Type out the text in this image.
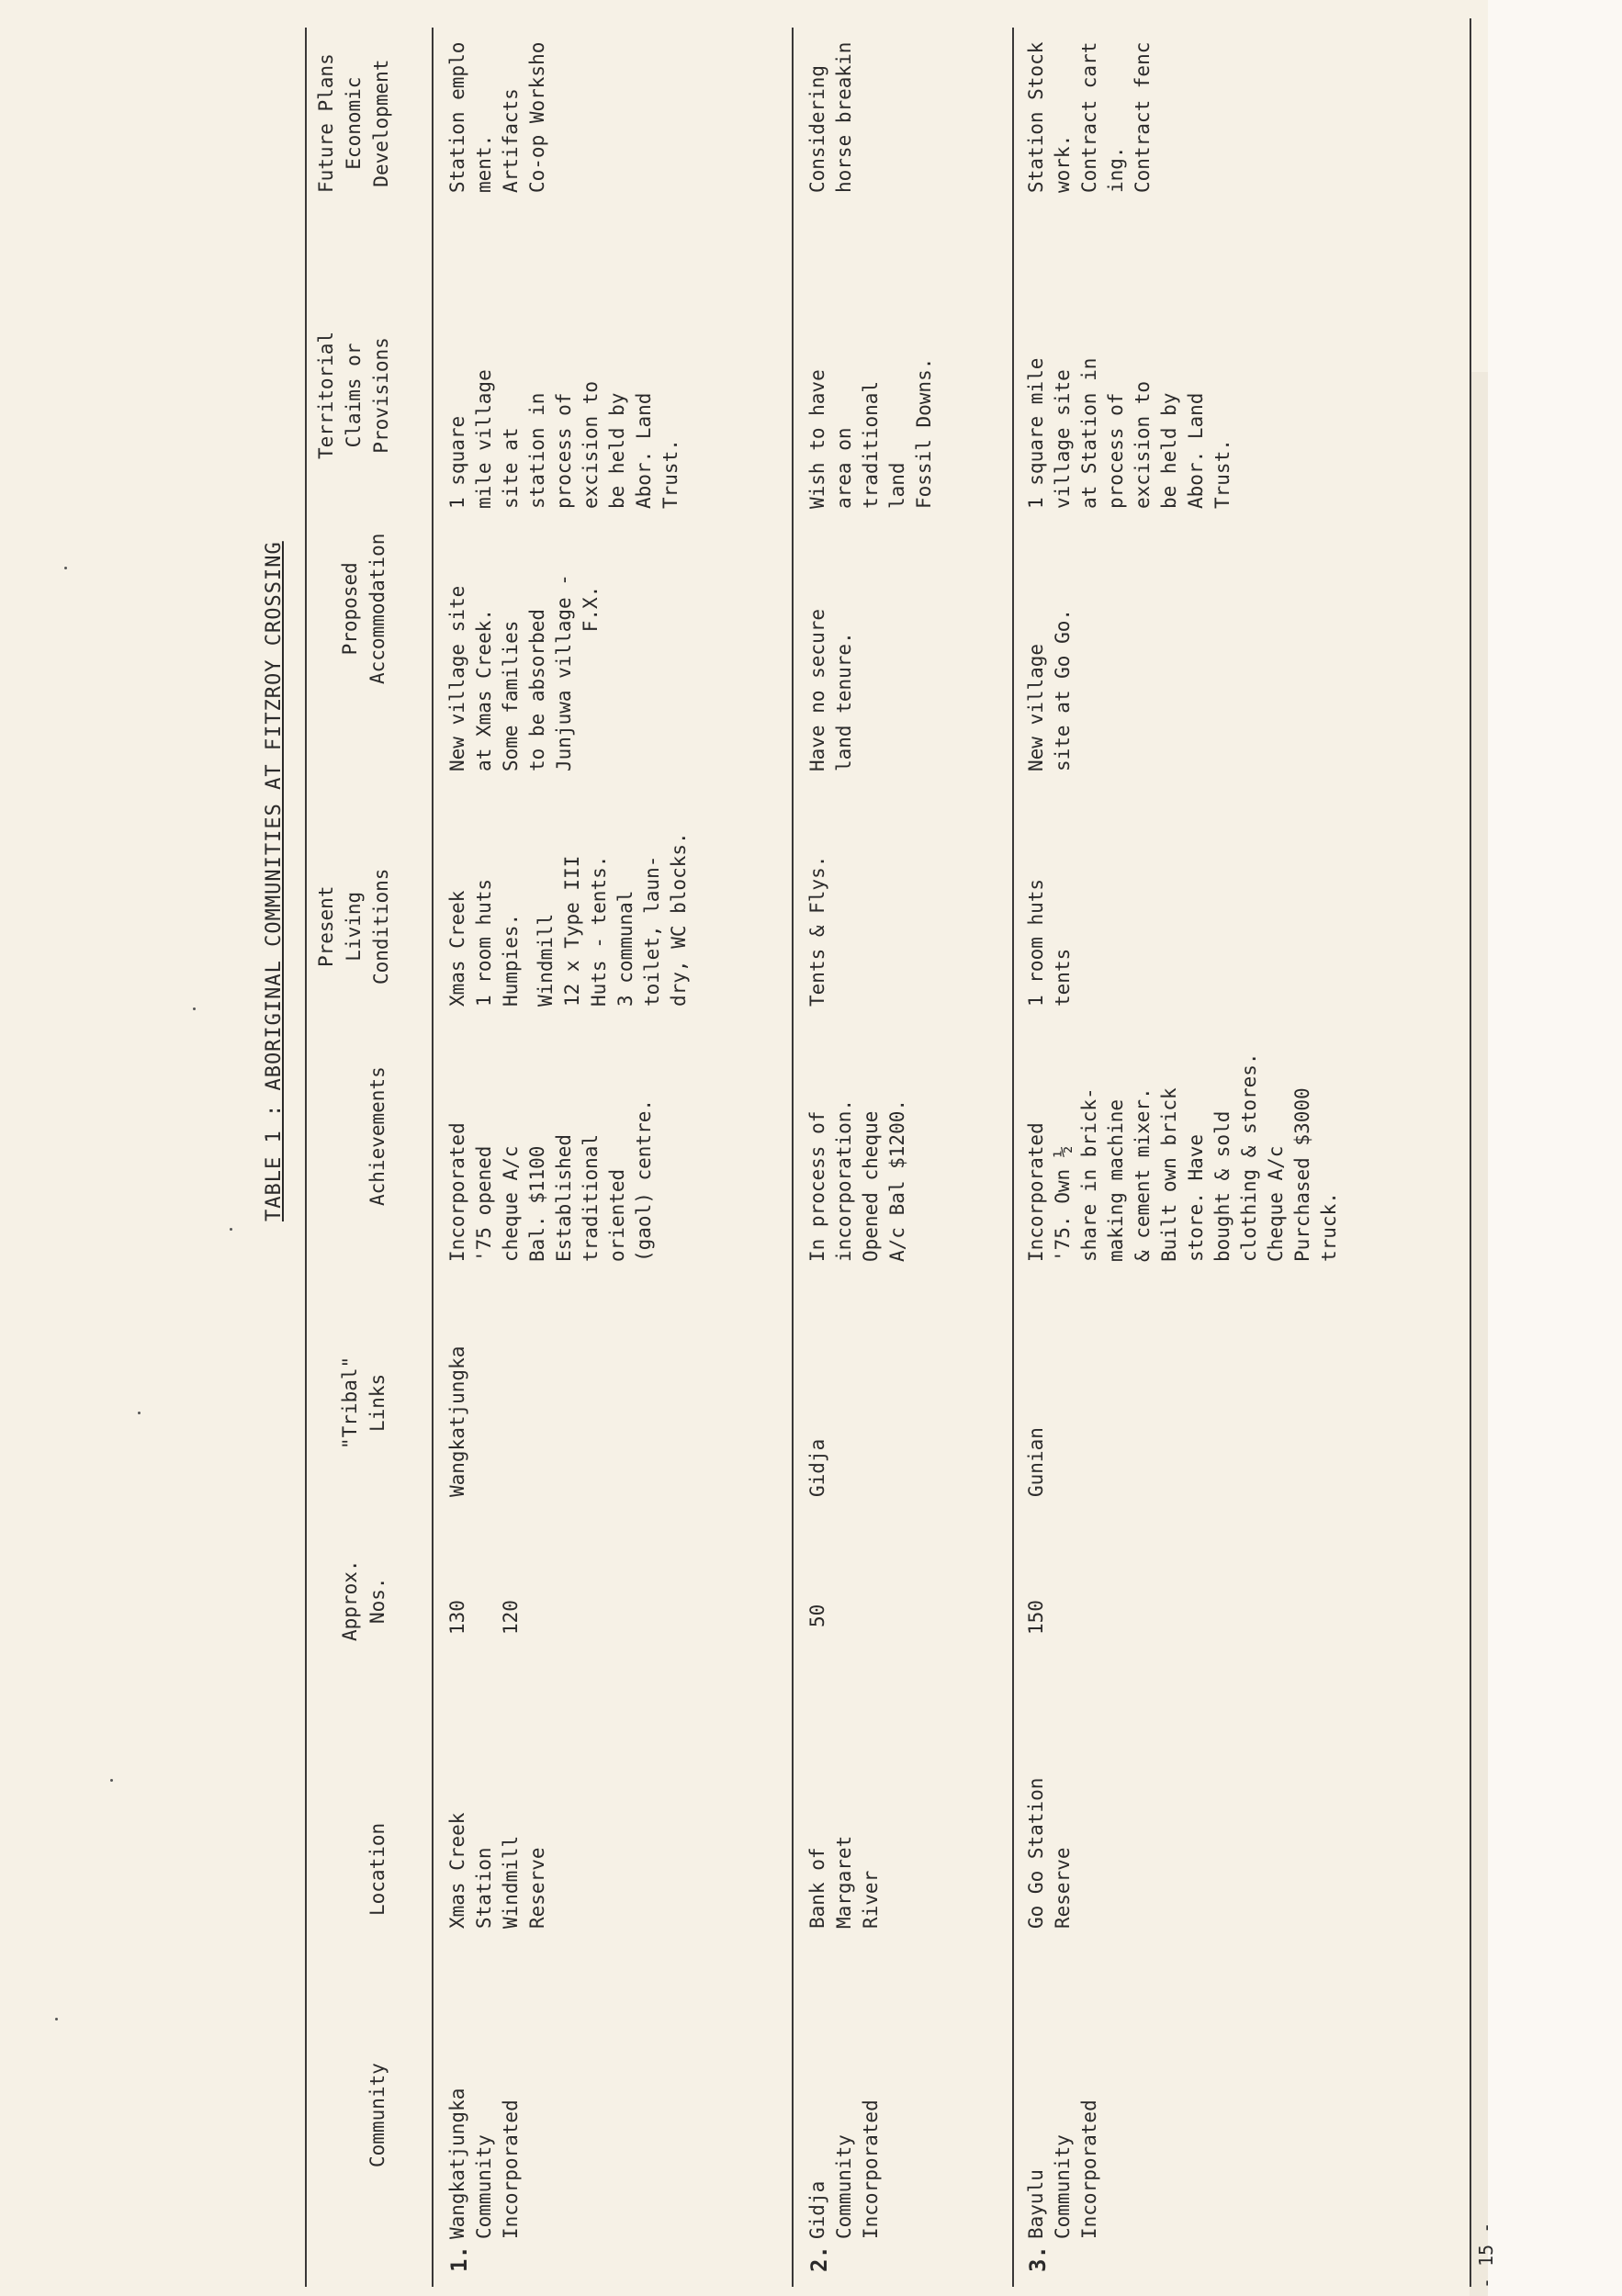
TABLE 1 : ABORIGINAL COMMUNITIES AT FITZROY CROSSING
Community
Location
Approx.
Nos.
"Tribal"
Links
Achievements
Present
Living
Conditions
Proposed
Accommodation
Territorial
Claims or
Provisions
Future Plans
Economic
Development
1.
Wangkatjungka
Community
Incorporated
Xmas Creek
Station
Windmill
Reserve
130

120
Wangkatjungka
Incorporated
'75 opened
cheque A/c
Bal. $1100
Established
traditional
oriented
(gaol) centre.
Xmas Creek 1 room huts
Humpies. Windmill 12 x Type III
Huts - tents.
3 communal
toilet, laun-
dry, WC blocks.
New village site
at Xmas Creek.
Some families
to be absorbed
Junjuwa village -
F.X.
1 square
mile village
site at
station in
process of
excision to
be held by
Abor. Land
Trust.
Station emplo
ment.
Artifacts
Co-op Worksho
2.
Gidja
Community
Incorporated
Bank of
Margaret
River
50
Gidja
In process of
incorporation.
Opened cheque
A/c Bal $1200.
Tents & Flys.
Have no secure
land tenure.
Wish to have
area on
traditional
land
Fossil Downs.
Considering
horse breakin
3.
Bayulu
Community
Incorporated
Go Go Station
Reserve
150
Gunian
Incorporated
'75. Own ½
share in brick-
making machine
& cement mixer.
Built own brick
store. Have
bought & sold
clothing & stores.
Cheque A/c
Purchased $3000
truck.
1 room huts
tents
New village
site at Go Go.
1 square mile
village site
at Station in
process of
excision to
be held by
Abor. Land
Trust.
Station Stock
work.
Contract cart
ing.
Contract fenc
- 15 -
